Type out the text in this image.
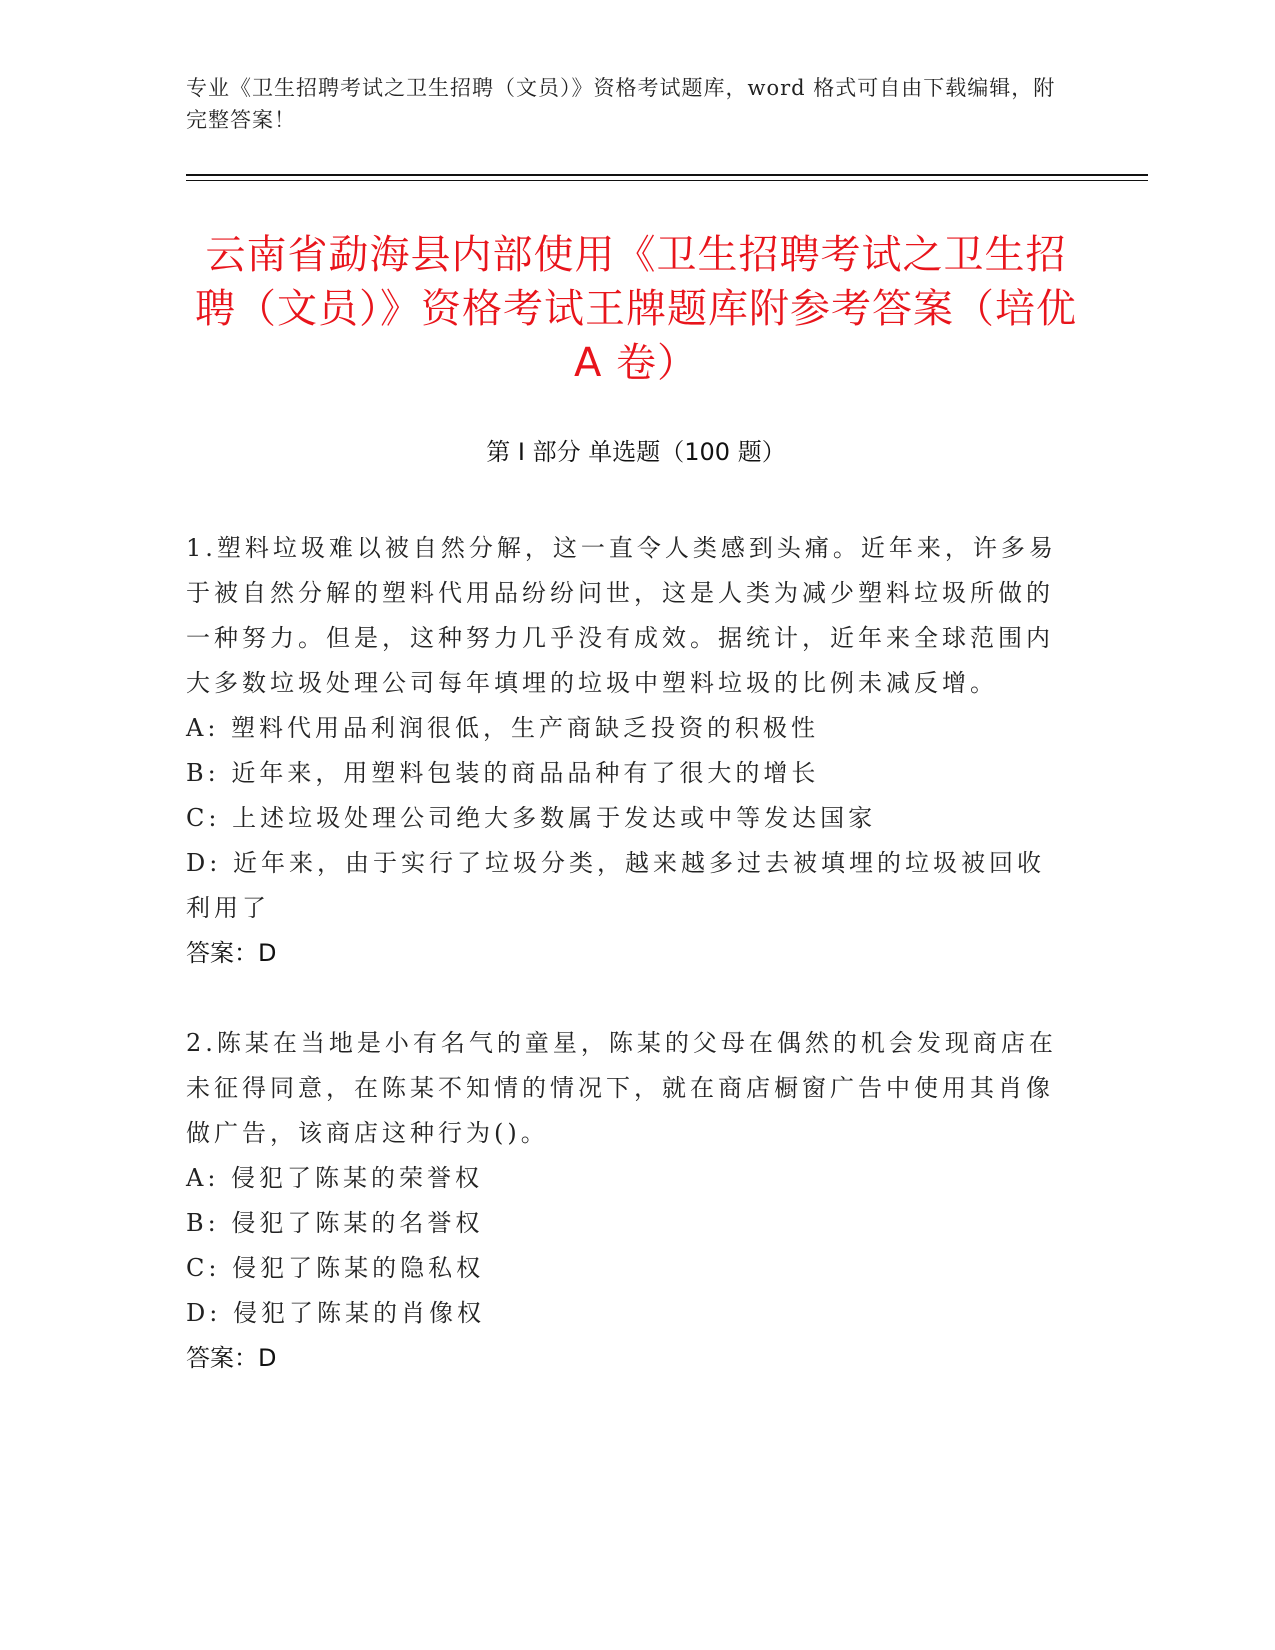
专业《卫生招聘考试之卫生招聘（文员）》资格考试题库，word 格式可自由下载编辑，附完整答案！
云南省勐海县内部使用《卫生招聘考试之卫生招聘（文员）》资格考试王牌题库附参考答案（培优 A 卷）
第 I 部分 单选题（100 题）
1.塑料垃圾难以被自然分解，这一直令人类感到头痛。近年来，许多易于被自然分解的塑料代用品纷纷问世，这是人类为减少塑料垃圾所做的一种努力。但是，这种努力几乎没有成效。据统计，近年来全球范围内大多数垃圾处理公司每年填埋的垃圾中塑料垃圾的比例未减反增。
A: 塑料代用品利润很低，生产商缺乏投资的积极性
B: 近年来，用塑料包装的商品品种有了很大的增长
C: 上述垃圾处理公司绝大多数属于发达或中等发达国家
D: 近年来，由于实行了垃圾分类，越来越多过去被填埋的垃圾被回收利用了
答案：D
2.陈某在当地是小有名气的童星，陈某的父母在偶然的机会发现商店在未征得同意，在陈某不知情的情况下，就在商店橱窗广告中使用其肖像做广告，该商店这种行为()。
A: 侵犯了陈某的荣誉权
B: 侵犯了陈某的名誉权
C: 侵犯了陈某的隐私权
D: 侵犯了陈某的肖像权
答案：D
